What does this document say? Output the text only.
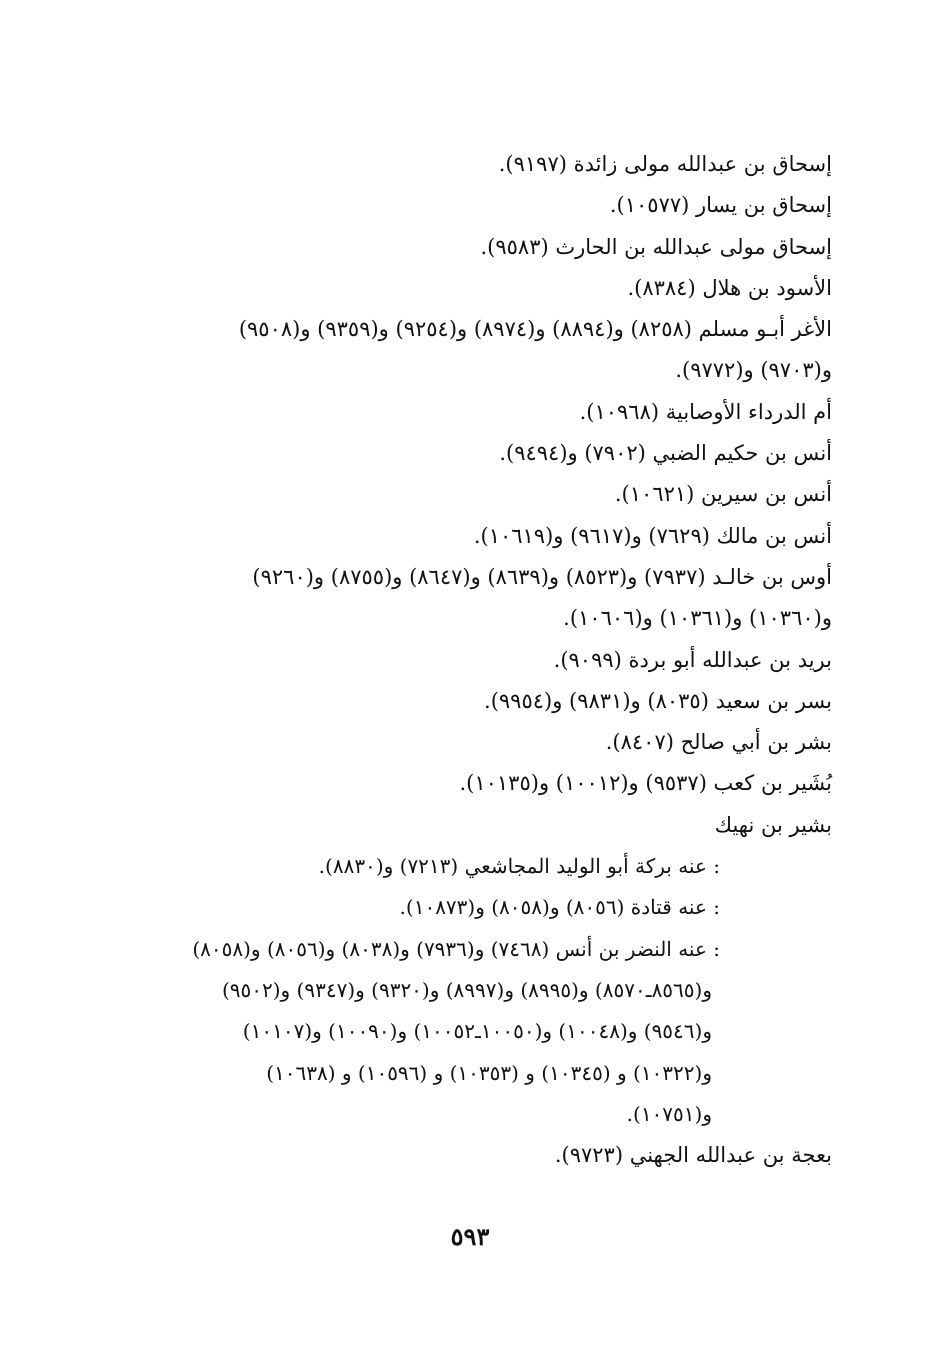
إسحاق بن عبدالله مولى زائدة (٩١٩٧).
إسحاق بن يسار (١٠٥٧٧).
إسحاق مولى عبدالله بن الحارث (٩٥٨٣).
الأسود بن هلال (٨٣٨٤).
الأغر أبـو مسلم (٨٢٥٨) و(٨٨٩٤) و(٨٩٧٤) و(٩٢٥٤) و(٩٣٥٩) و(٩٥٠٨)
و(٩٧٠٣) و(٩٧٧٢).
أم الدرداء الأوصابية (١٠٩٦٨).
أنس بن حكيم الضبي (٧٩٠٢) و(٩٤٩٤).
أنس بن سيرين (١٠٦٢١).
أنس بن مالك (٧٦٢٩) و(٩٦١٧) و(١٠٦١٩).
أوس بن خالـد (٧٩٣٧) و(٨٥٢٣) و(٨٦٣٩) و(٨٦٤٧) و(٨٧٥٥) و(٩٢٦٠)
و(١٠٣٦٠) و(١٠٣٦١) و(١٠٦٠٦).
بريد بن عبدالله أبو بردة (٩٠٩٩).
بسر بن سعيد (٨٠٣٥) و(٩٨٣١) و(٩٩٥٤).
بشر بن أبي صالح (٨٤٠٧).
بُشَير بن كعب (٩٥٣٧) و(١٠٠١٢) و(١٠١٣٥).
بشير بن نهيك
: عنه بركة أبو الوليد المجاشعي (٧٢١٣) و(٨٨٣٠).
: عنه قتادة (٨٠٥٦) و(٨٠٥٨) و(١٠٨٧٣).
: عنه النضر بن أنس (٧٤٦٨) و(٧٩٣٦) و(٨٠٣٨) و(٨٠٥٦) و(٨٠٥٨)
و(٨٥٦٥ـ٨٥٧٠) و(٨٩٩٥) و(٨٩٩٧) و(٩٣٢٠) و(٩٣٤٧) و(٩٥٠٢)
و(٩٥٤٦) و(١٠٠٤٨) و(١٠٠٥٠ـ١٠٠٥٢) و(١٠٠٩٠) و(١٠١٠٧)
و(١٠٣٢٢) و (١٠٣٤٥) و (١٠٣٥٣) و (١٠٥٩٦) و (١٠٦٣٨)
و(١٠٧٥١).
بعجة بن عبدالله الجهني (٩٧٢٣).
٥٩٣
